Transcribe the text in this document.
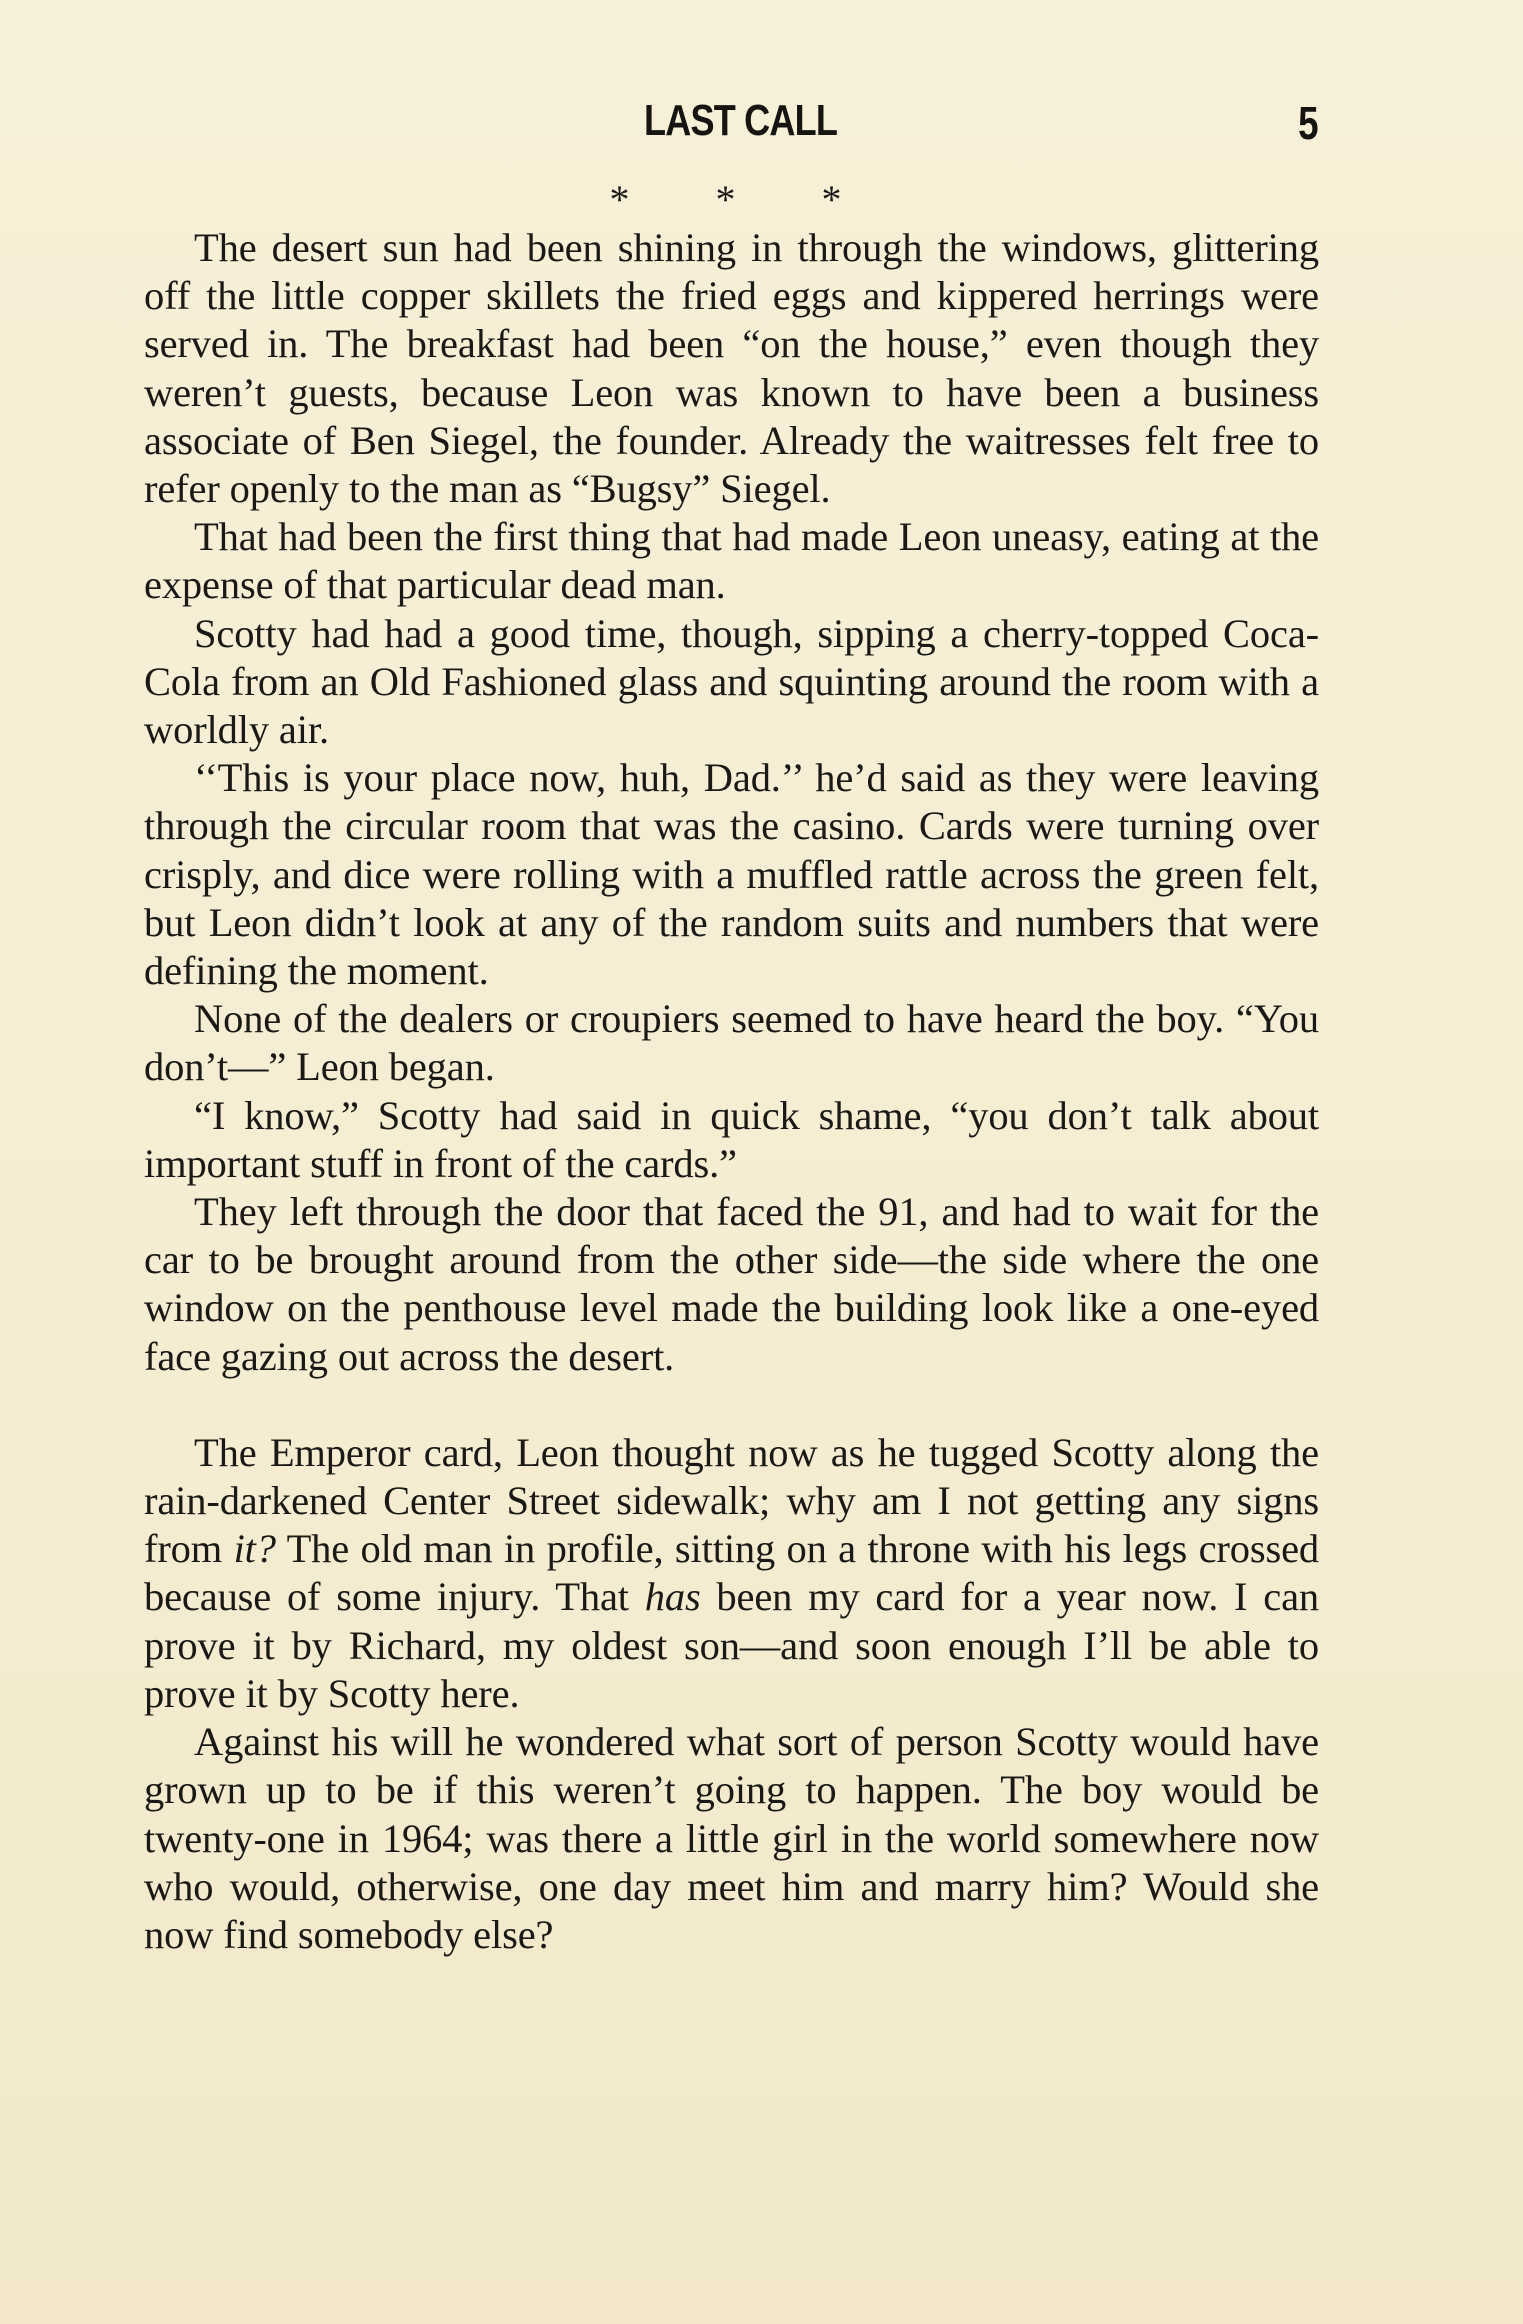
LAST CALL	5
* * *

The desert sun had been shining in through the windows, glittering off the little copper skillets the fried eggs and kippered herrings were served in. The breakfast had been “on the house,” even though they weren’t guests, because Leon was known to have been a business associate of Ben Siegel, the founder. Already the waitresses felt free to refer openly to the man as “Bugsy” Siegel.

That had been the first thing that had made Leon uneasy, eating at the expense of that particular dead man.

Scotty had had a good time, though, sipping a cherry-topped Coca-Cola from an Old Fashioned glass and squinting around the room with a worldly air.

‘‘This is your place now, huh, Dad.’’ he’d said as they were leaving through the circular room that was the casino. Cards were turning over crisply, and dice were rolling with a muffled rattle across the green felt, but Leon didn’t look at any of the random suits and numbers that were defining the moment.

None of the dealers or croupiers seemed to have heard the boy. “You don’t—” Leon began.

“I know,” Scotty had said in quick shame, “you don’t talk about important stuff in front of the cards.”

They left through the door that faced the 91, and had to wait for the car to be brought around from the other side—the side where the one window on the penthouse level made the building look like a one-eyed face gazing out across the desert.

The Emperor card, Leon thought now as he tugged Scotty along the rain-darkened Center Street sidewalk; why am I not getting any signs from it? The old man in profile, sitting on a throne with his legs crossed because of some injury. That has been my card for a year now. I can prove it by Richard, my oldest son—and soon enough I’ll be able to prove it by Scotty here.

Against his will he wondered what sort of person Scotty would have grown up to be if this weren’t going to happen. The boy would be twenty-one in 1964; was there a little girl in the world somewhere now who would, otherwise, one day meet him and marry him? Would she now find somebody else?
